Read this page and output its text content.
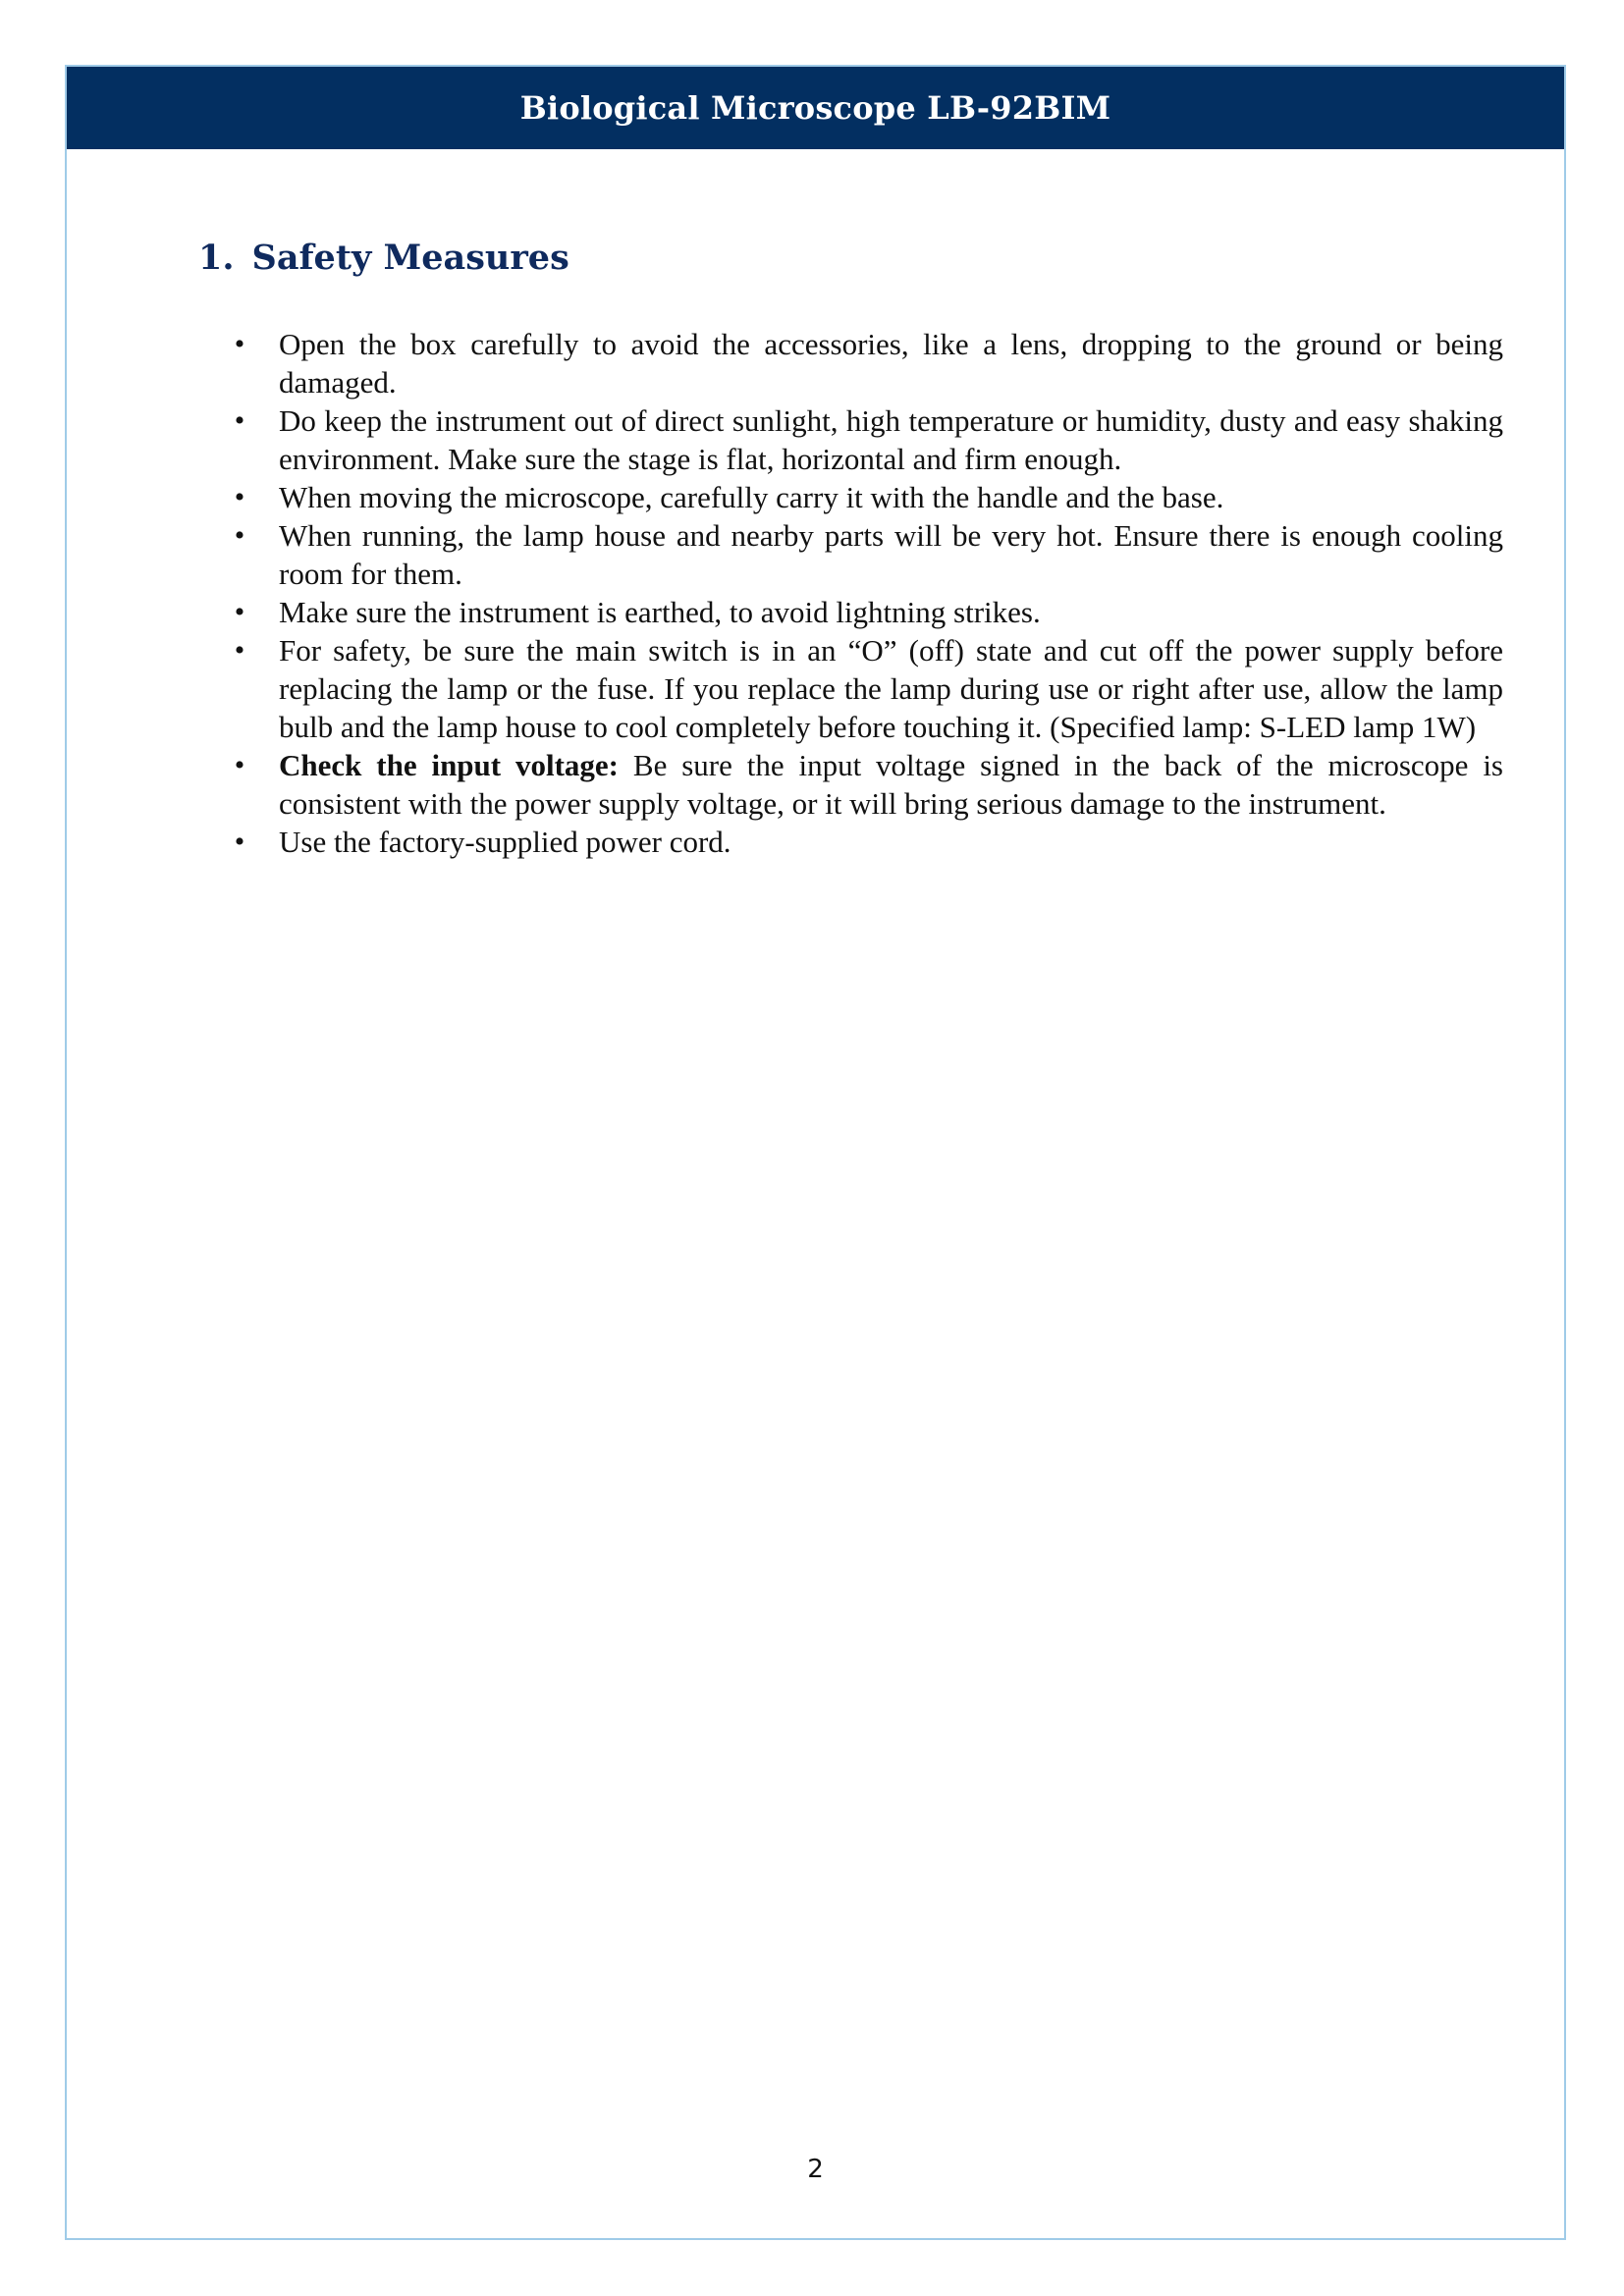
Biological Microscope LB-92BIM
1. Safety Measures
• Open the box carefully to avoid the accessories, like a lens, dropping to the ground or being damaged.
• Do keep the instrument out of direct sunlight, high temperature or humidity, dusty and easy shaking environment. Make sure the stage is flat, horizontal and firm enough.
• When moving the microscope, carefully carry it with the handle and the base.
• When running, the lamp house and nearby parts will be very hot. Ensure there is enough cooling room for them.
• Make sure the instrument is earthed, to avoid lightning strikes.
• For safety, be sure the main switch is in an “O” (off) state and cut off the power supply before replacing the lamp or the fuse. If you replace the lamp during use or right after use, allow the lamp bulb and the lamp house to cool completely before touching it. (Specified lamp: S-LED lamp 1W)
• Check the input voltage: Be sure the input voltage signed in the back of the microscope is consistent with the power supply voltage, or it will bring serious damage to the instrument.
• Use the factory-supplied power cord.
2
